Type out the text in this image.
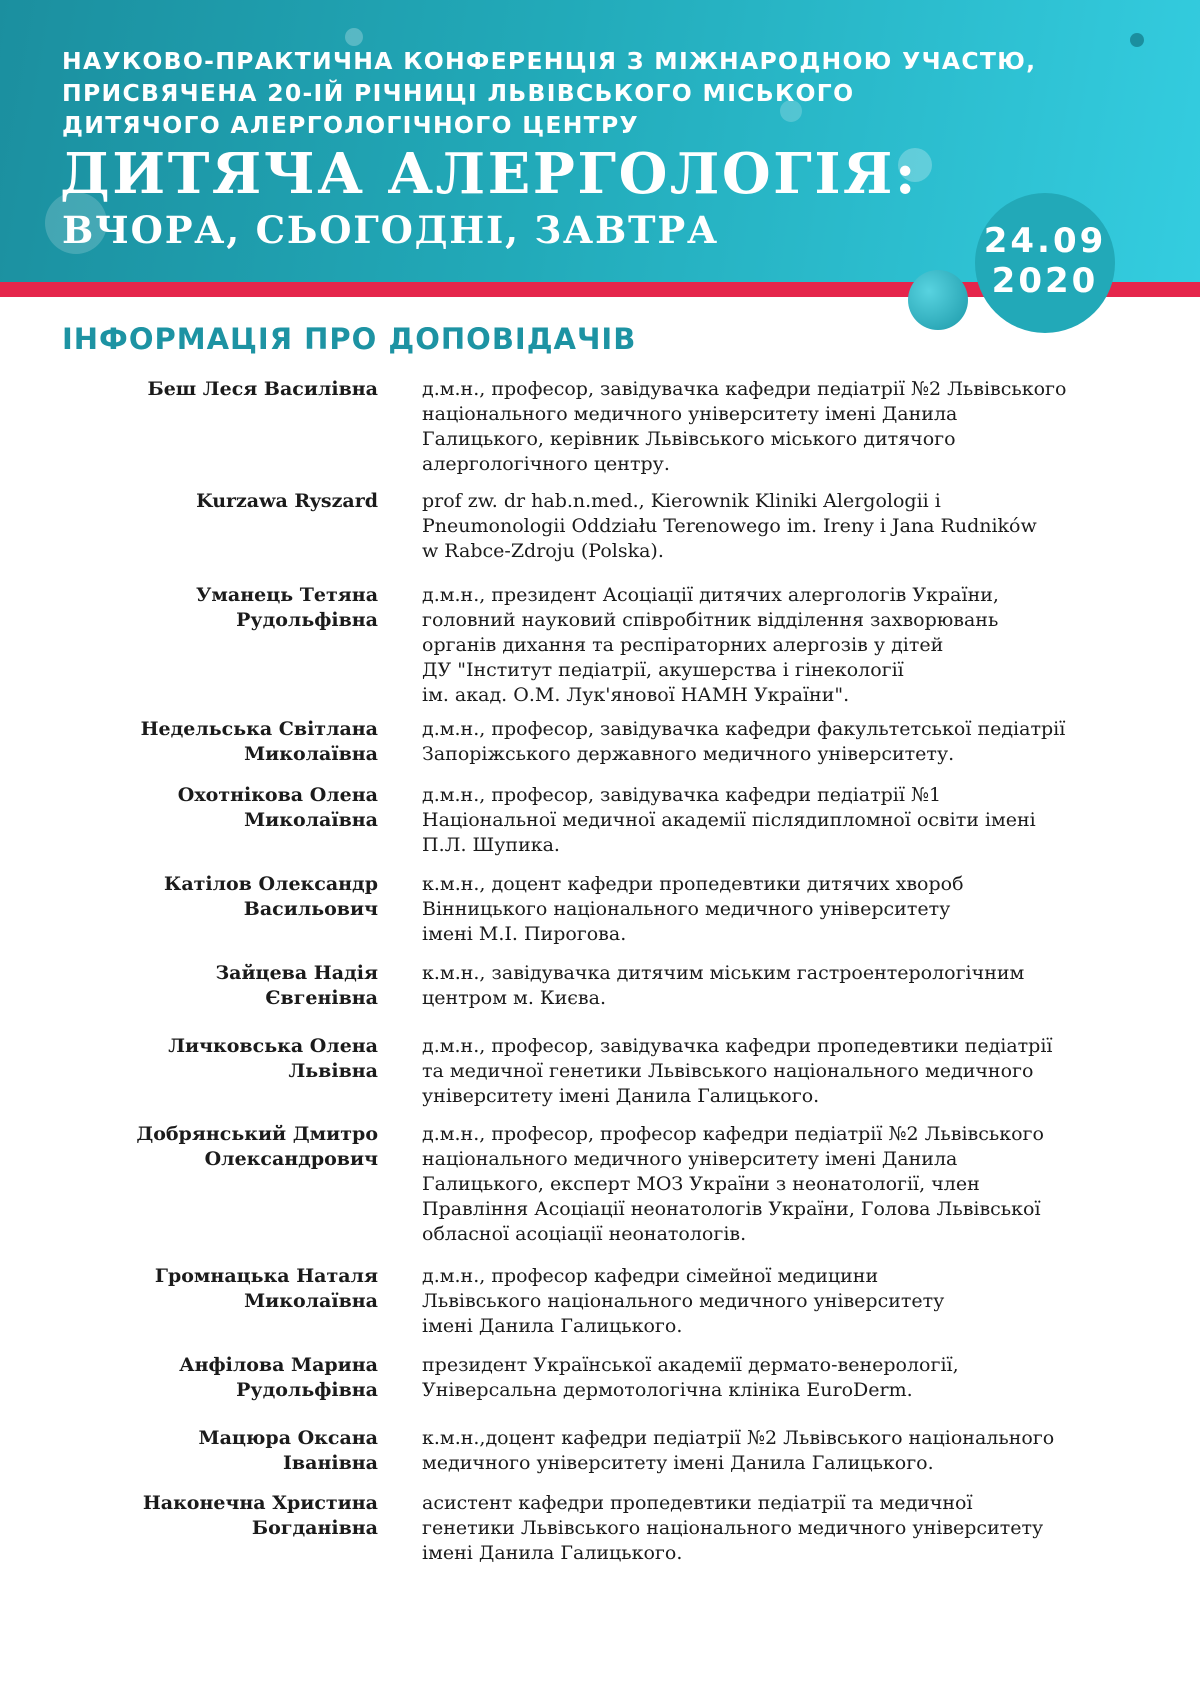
НАУКОВО-ПРАКТИЧНА КОНФЕРЕНЦІЯ З МІЖНАРОДНОЮ УЧАСТЮ,
ПРИСВЯЧЕНА 20-ІЙ РІЧНИЦІ ЛЬВІВСЬКОГО МІСЬКОГО
ДИТЯЧОГО АЛЕРГОЛОГІЧНОГО ЦЕНТРУ
ДИТЯЧА АЛЕРГОЛОГІЯ:
ВЧОРА, СЬОГОДНІ, ЗАВТРА	24.09
2020
ІНФОРМАЦІЯ ПРО ДОПОВІДАЧІВ
Беш Леся Василівна д.м.н., професор, завідувачка кафедри педіатрії №2 Львівського
національного медичного університету імені Данила
Галицького, керівник Львівського міського дитячого
алергологічного центру.
Kurzawa Ryszard prof zw. dr hab.n.med., Kierownik Kliniki Alergologii i
Pneumonologii Oddziału Terenowego im. Ireny i Jana Rudników
w Rabce-Zdroju (Polska).
Уманець Тетяна
Рудольфівна
д.м.н., президент Асоціації дитячих алергологів України,
головний науковий співробітник відділення захворювань
органів дихання та респіраторних алергозів у дітей
ДУ "Інститут педіатрії, акушерства і гінекології
ім. акад. О.М. Лук'янової НАМН України".
Недельська Світлана
Миколаївна
д.м.н., професор, завідувачка кафедри факультетської педіатрії
Запоріжського державного медичного університету.
Охотнікова Олена
Миколаївна
д.м.н., професор, завідувачка кафедри педіатрії №1
Національної медичної академії післядипломної освіти імені
П.Л. Шупика.
Катілов Олександр
Васильович
к.м.н., доцент кафедри пропедевтики дитячих хвороб
Вінницького національного медичного університету
імені М.І. Пирогова.
Зайцева Надія
Євгенівна
к.м.н., завідувачка дитячим міським гастроентерологічним
центром м. Києва.
Личковська Олена
Львівна
д.м.н., професор, завідувачка кафедри пропедевтики педіатрії
та медичної генетики Львівського національного медичного
університету імені Данила Галицького.
Добрянський Дмитро
Олександрович
д.м.н., професор, професор кафедри педіатрії №2 Львівського
національного медичного університету імені Данила
Галицького, експерт МОЗ України з неонатології, член
Правління Асоціації неонатологів України, Голова Львівської
обласної асоціації неонатологів.
Громнацька Наталя
Миколаївна
д.м.н., професор кафедри сімейної медицини
Львівського національного медичного університету
імені Данила Галицького.
Анфілова Марина
Рудольфівна
президент Української академії дермато-венерології,
Універсальна дермотологічна клініка EuroDerm.
Мацюра Оксана
Іванівна
к.м.н.,доцент кафедри педіатрії №2 Львівського національного
медичного університету імені Данила Галицького.
Наконечна Христина
Богданівна
асистент кафедри пропедевтики педіатрії та медичної
генетики Львівського національного медичного університету
імені Данила Галицького.
